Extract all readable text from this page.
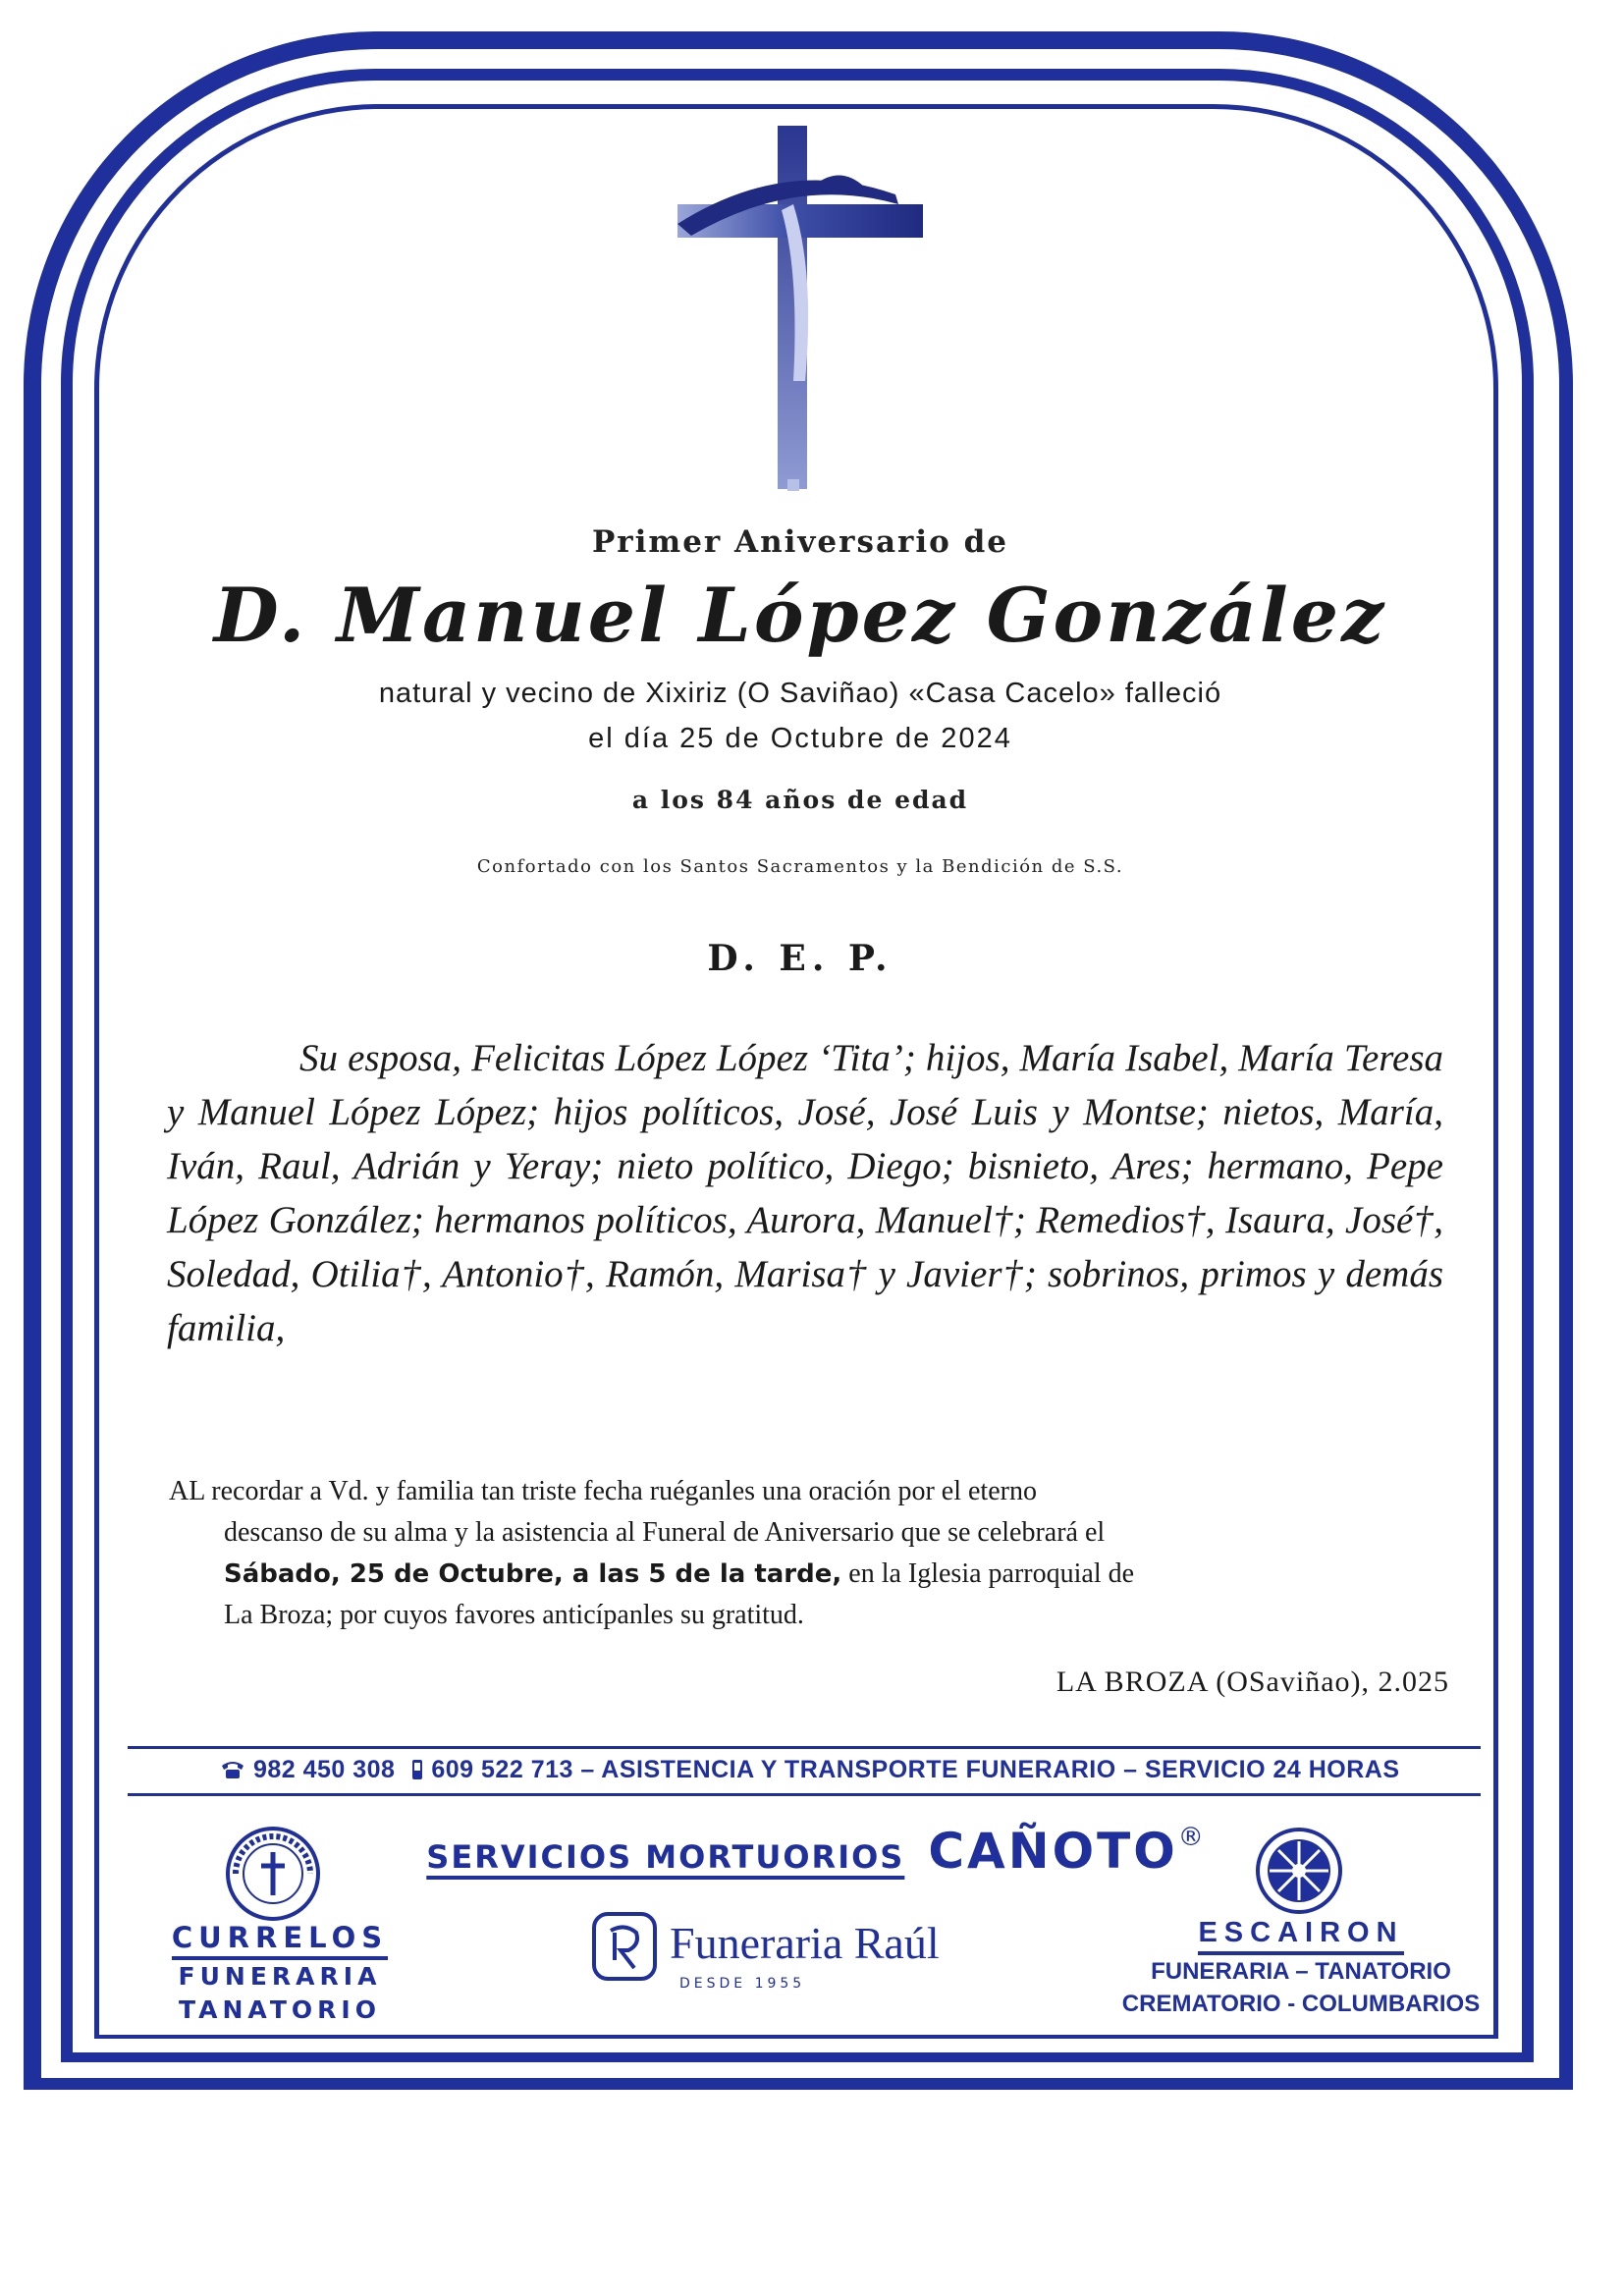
Primer Aniversario de
D. Manuel López González
natural y vecino de Xixiriz (O Saviñao) «Casa Cacelo» falleció
el día 25 de Octubre de 2024
a los 84 años de edad
Confortado con los Santos Sacramentos y la Bendición de S.S.
D. E. P.
Su esposa, Felicitas López López ‘Tita’; hijos, María Isabel, María Teresa y Manuel López López; hijos políticos, José, José Luis y Montse; nietos, María, Iván, Raul, Adrián y Yeray; nieto político, Diego; bisnieto, Ares; hermano, Pepe López González; hermanos políticos, Aurora, Manuel†; Remedios†, Isaura, José†, Soledad, Otilia†, Antonio†, Ramón, Marisa† y Javier†; sobrinos, primos y demás familia,
AL recordar a Vd. y familia tan triste fecha ruéganles una oración por el eterno
descanso de su alma y la asistencia al Funeral de Aniversario que se celebrará el
Sábado, 25 de Octubre, a las 5 de la tarde, en la Iglesia parroquial de
La Broza; por cuyos favores anticípanles su gratitud.
LA BROZA (OSaviñao), 2.025
982 450 308 609 522 713 – ASISTENCIA Y TRANSPORTE FUNERARIO – SERVICIO 24 HORAS
SERVICIOS MORTUORIOS CAÑOTO®
CURRELOS
FUNERARIA
TANATORIO
Funeraria Raúl
DESDE 1955
ESCAIRON
FUNERARIA – TANATORIO
CREMATORIO - COLUMBARIOS
